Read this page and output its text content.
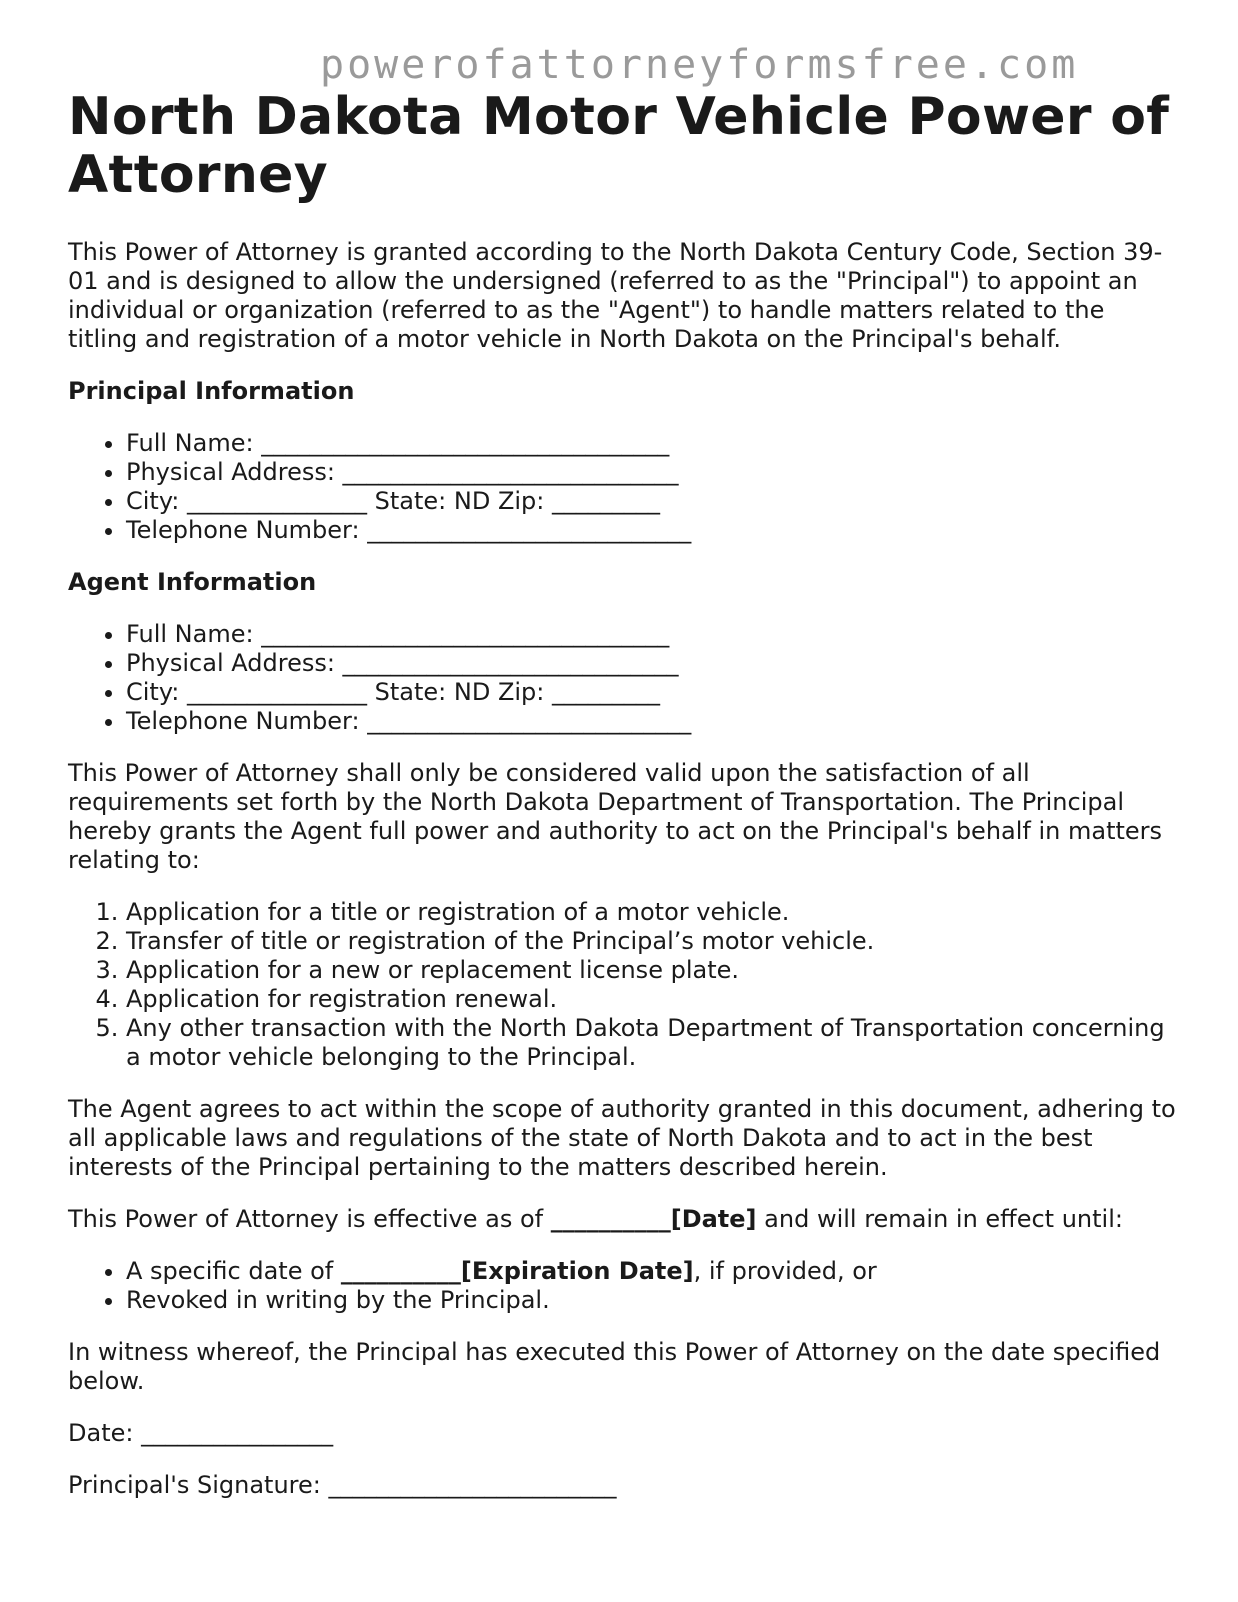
powerofattorneyformsfree.com
North Dakota Motor Vehicle Power of Attorney

This Power of Attorney is granted according to the North Dakota Century Code, Section 39-01 and is designed to allow the undersigned (referred to as the "Principal") to appoint an individual or organization (referred to as the "Agent") to handle matters related to the titling and registration of a motor vehicle in North Dakota on the Principal's behalf.

Principal Information
• Full Name: __________________________________
• Physical Address: ____________________________
• City: _______________ State: ND Zip: _________
• Telephone Number: ___________________________
Agent Information
• Full Name: __________________________________
• Physical Address: ____________________________
• City: _______________ State: ND Zip: _________
• Telephone Number: ___________________________

This Power of Attorney shall only be considered valid upon the satisfaction of all requirements set forth by the North Dakota Department of Transportation. The Principal hereby grants the Agent full power and authority to act on the Principal's behalf in matters relating to:

1. Application for a title or registration of a motor vehicle.
2. Transfer of title or registration of the Principal’s motor vehicle.
3. Application for a new or replacement license plate.
4. Application for registration renewal.
5. Any other transaction with the North Dakota Department of Transportation concerning a motor vehicle belonging to the Principal.

The Agent agrees to act within the scope of authority granted in this document, adhering to all applicable laws and regulations of the state of North Dakota and to act in the best interests of the Principal pertaining to the matters described herein.

This Power of Attorney is effective as of __________[Date] and will remain in effect until:

• A specific date of __________[Expiration Date], if provided, or
• Revoked in writing by the Principal.

In witness whereof, the Principal has executed this Power of Attorney on the date specified below.

Date: ________________

Principal's Signature: ________________________
